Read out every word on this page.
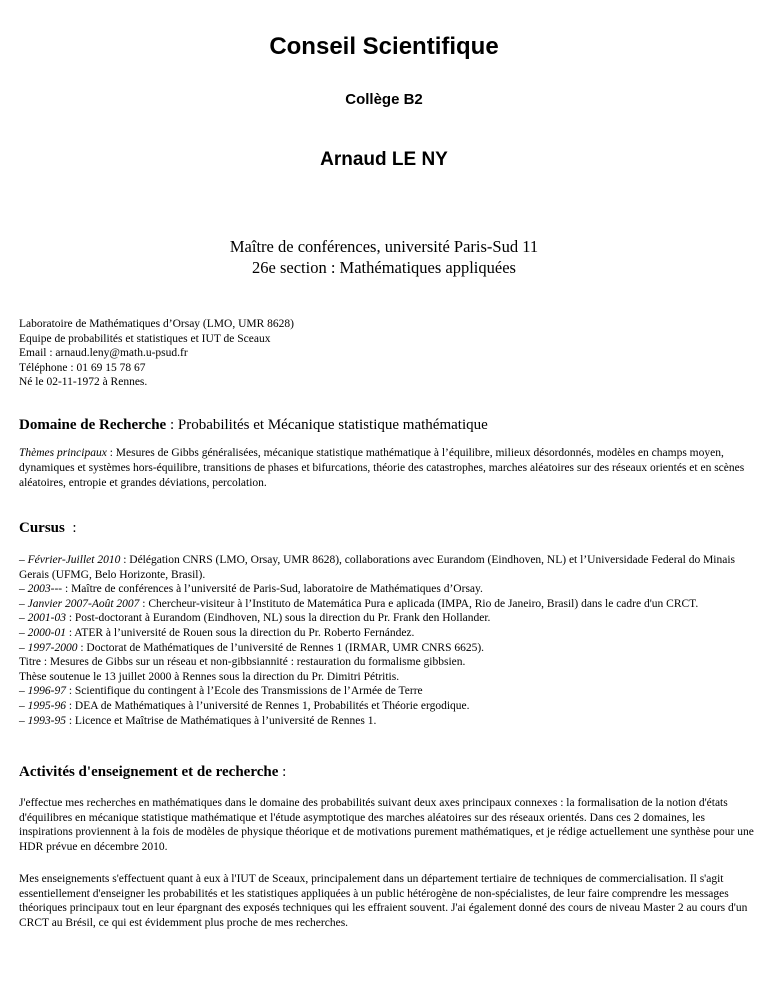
Conseil Scientifique
Collège B2
Arnaud LE NY
Maître de conférences, université Paris-Sud 11
26e section : Mathématiques appliquées
Laboratoire de Mathématiques d’Orsay (LMO, UMR 8628)
Equipe de probabilités et statistiques et IUT de Sceaux
Email : arnaud.leny@math.u-psud.fr
Téléphone : 01 69 15 78 67
Né le 02-11-1972 à Rennes.
Domaine de Recherche : Probabilités et Mécanique statistique mathématique
Thèmes principaux : Mesures de Gibbs généralisées, mécanique statistique mathématique à l’équilibre, milieux désordonnés, modèles en champs moyen, dynamiques et systèmes hors-équilibre, transitions de phases et bifurcations, théorie des catastrophes, marches aléatoires sur des réseaux orientés et en scènes aléatoires, entropie et grandes déviations, percolation.
Cursus  :
– Février-Juillet 2010 : Délégation CNRS (LMO, Orsay, UMR 8628), collaborations avec Eurandom (Eindhoven, NL) et l’Universidade Federal do Minais Gerais (UFMG, Belo Horizonte, Brasil).
– 2003--- : Maître de conférences à l’université de Paris-Sud, laboratoire de Mathématiques d’Orsay.
– Janvier 2007-Août 2007 : Chercheur-visiteur à l’Instituto de Matemática Pura e aplicada (IMPA, Rio de Janeiro, Brasil) dans le cadre d'un CRCT.
– 2001-03 : Post-doctorant à Eurandom (Eindhoven, NL) sous la direction du Pr. Frank den Hollander.
– 2000-01 : ATER à l’université de Rouen sous la direction du Pr. Roberto Fernández.
– 1997-2000 : Doctorat de Mathématiques de l’université de Rennes 1 (IRMAR, UMR CNRS 6625).
Titre : Mesures de Gibbs sur un réseau et non-gibbsiannité : restauration du formalisme gibbsien.
Thèse soutenue le 13 juillet 2000 à Rennes sous la direction du Pr. Dimitri Pétritis.
– 1996-97 : Scientifique du contingent à l’Ecole des Transmissions de l’Armée de Terre
– 1995-96 : DEA de Mathématiques à l’université de Rennes 1, Probabilités et Théorie ergodique.
– 1993-95 : Licence et Maîtrise de Mathématiques à l’université de Rennes 1.
Activités d'enseignement et de recherche :
J'effectue mes recherches en mathématiques dans le domaine des probabilités suivant deux axes principaux connexes : la formalisation de la notion d'états d'équilibres en mécanique statistique mathématique et l'étude asymptotique des marches aléatoires sur des réseaux orientés. Dans ces 2 domaines, les inspirations proviennent à la fois de modèles de physique théorique et de motivations purement mathématiques, et je rédige actuellement une synthèse pour une HDR prévue en décembre 2010.
Mes enseignements s'effectuent quant à eux à l'IUT de Sceaux, principalement dans un département tertiaire de techniques de commercialisation. Il s'agit essentiellement d'enseigner les probabilités et les statistiques appliquées à un public hétérogène de non-spécialistes, de leur faire comprendre les messages théoriques principaux tout en leur épargnant des exposés techniques qui les effraient souvent. J'ai également donné des cours de niveau Master 2 au cours d'un CRCT au Brésil, ce qui est évidemment plus proche de mes recherches.
